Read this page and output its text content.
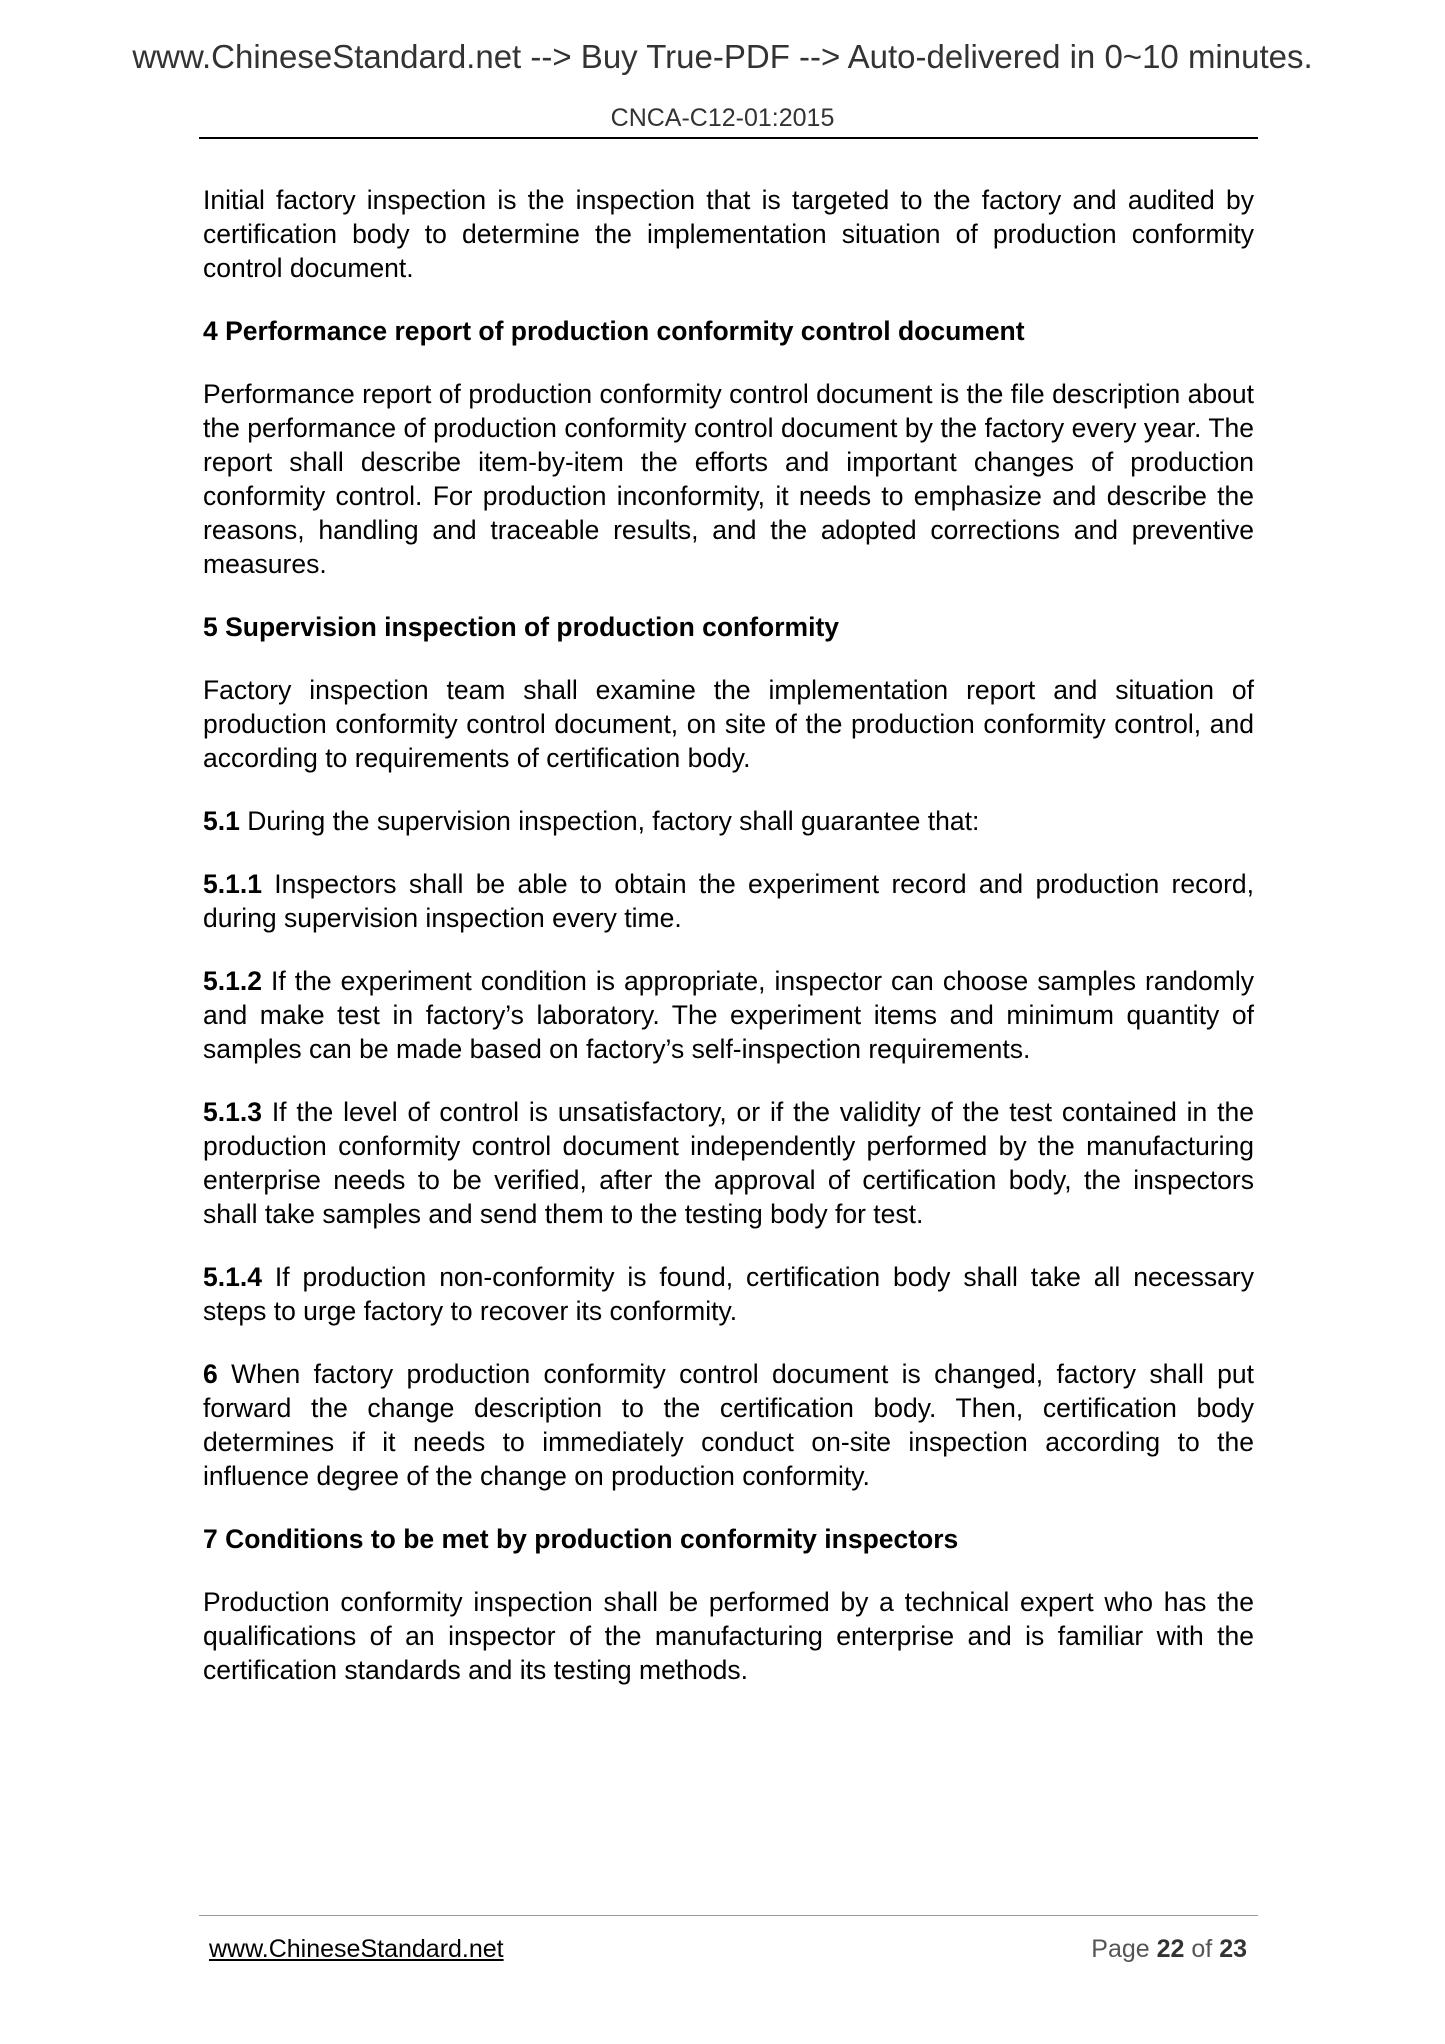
www.ChineseStandard.net --> Buy True-PDF --> Auto-delivered in 0~10 minutes.
CNCA-C12-01:2015

Initial factory inspection is the inspection that is targeted to the factory and audited by certification body to determine the implementation situation of production conformity control document.

4 Performance report of production conformity control document

Performance report of production conformity control document is the file description about the performance of production conformity control document by the factory every year. The report shall describe item-by-item the efforts and important changes of production conformity control. For production inconformity, it needs to emphasize and describe the reasons, handling and traceable results, and the adopted corrections and preventive measures.

5 Supervision inspection of production conformity

Factory inspection team shall examine the implementation report and situation of production conformity control document, on site of the production conformity control, and according to requirements of certification body.

5.1 During the supervision inspection, factory shall guarantee that:

5.1.1 Inspectors shall be able to obtain the experiment record and production record, during supervision inspection every time.

5.1.2 If the experiment condition is appropriate, inspector can choose samples randomly and make test in factory’s laboratory. The experiment items and minimum quantity of samples can be made based on factory’s self-inspection requirements.

5.1.3 If the level of control is unsatisfactory, or if the validity of the test contained in the production conformity control document independently performed by the manufacturing enterprise needs to be verified, after the approval of certification body, the inspectors shall take samples and send them to the testing body for test.

5.1.4 If production non-conformity is found, certification body shall take all necessary steps to urge factory to recover its conformity.

6 When factory production conformity control document is changed, factory shall put forward the change description to the certification body. Then, certification body determines if it needs to immediately conduct on-site inspection according to the influence degree of the change on production conformity.

7 Conditions to be met by production conformity inspectors

Production conformity inspection shall be performed by a technical expert who has the qualifications of an inspector of the manufacturing enterprise and is familiar with the certification standards and its testing methods.

www.ChineseStandard.net	Page 22 of 23
